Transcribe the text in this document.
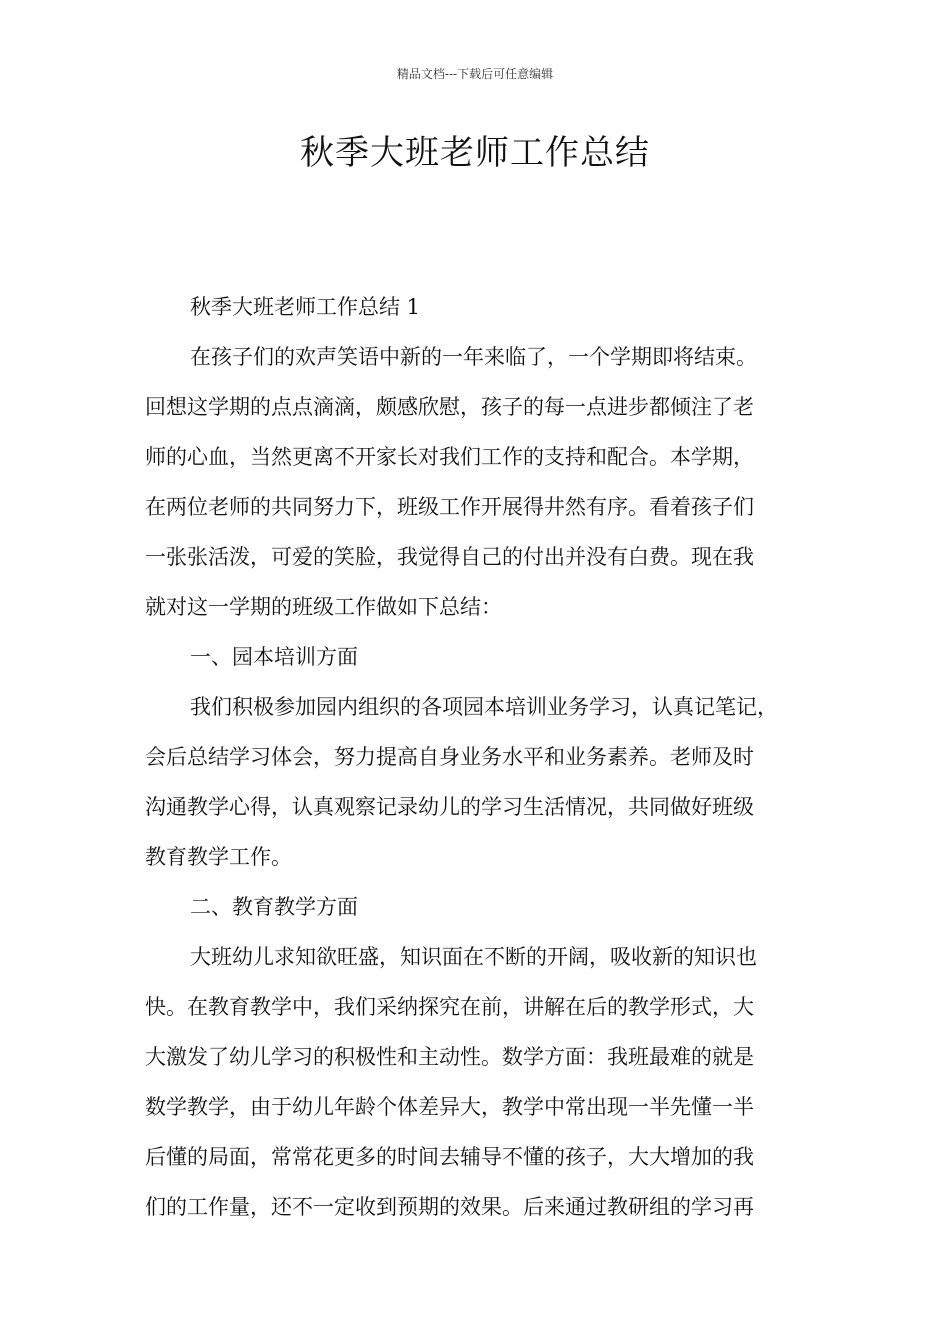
精品文档---下载后可任意编辑
秋季大班老师工作总结
秋季大班老师工作总结 1
在孩子们的欢声笑语中新的一年来临了，一个学期即将结束。
回想这学期的点点滴滴，颇感欣慰，孩子的每一点进步都倾注了老
师的心血，当然更离不开家长对我们工作的支持和配合。本学期，
在两位老师的共同努力下，班级工作开展得井然有序。看着孩子们
一张张活泼，可爱的笑脸，我觉得自己的付出并没有白费。现在我
就对这一学期的班级工作做如下总结：
一、园本培训方面
我们积极参加园内组织的各项园本培训业务学习，认真记笔记，
会后总结学习体会，努力提高自身业务水平和业务素养。老师及时
沟通教学心得，认真观察记录幼儿的学习生活情况，共同做好班级
教育教学工作。
二、教育教学方面
大班幼儿求知欲旺盛，知识面在不断的开阔，吸收新的知识也
快。在教育教学中，我们采纳探究在前，讲解在后的教学形式，大
大激发了幼儿学习的积极性和主动性。数学方面：我班最难的就是
数学教学，由于幼儿年龄个体差异大，教学中常出现一半先懂一半
后懂的局面，常常花更多的时间去辅导不懂的孩子，大大增加的我
们的工作量，还不一定收到预期的效果。后来通过教研组的学习再
